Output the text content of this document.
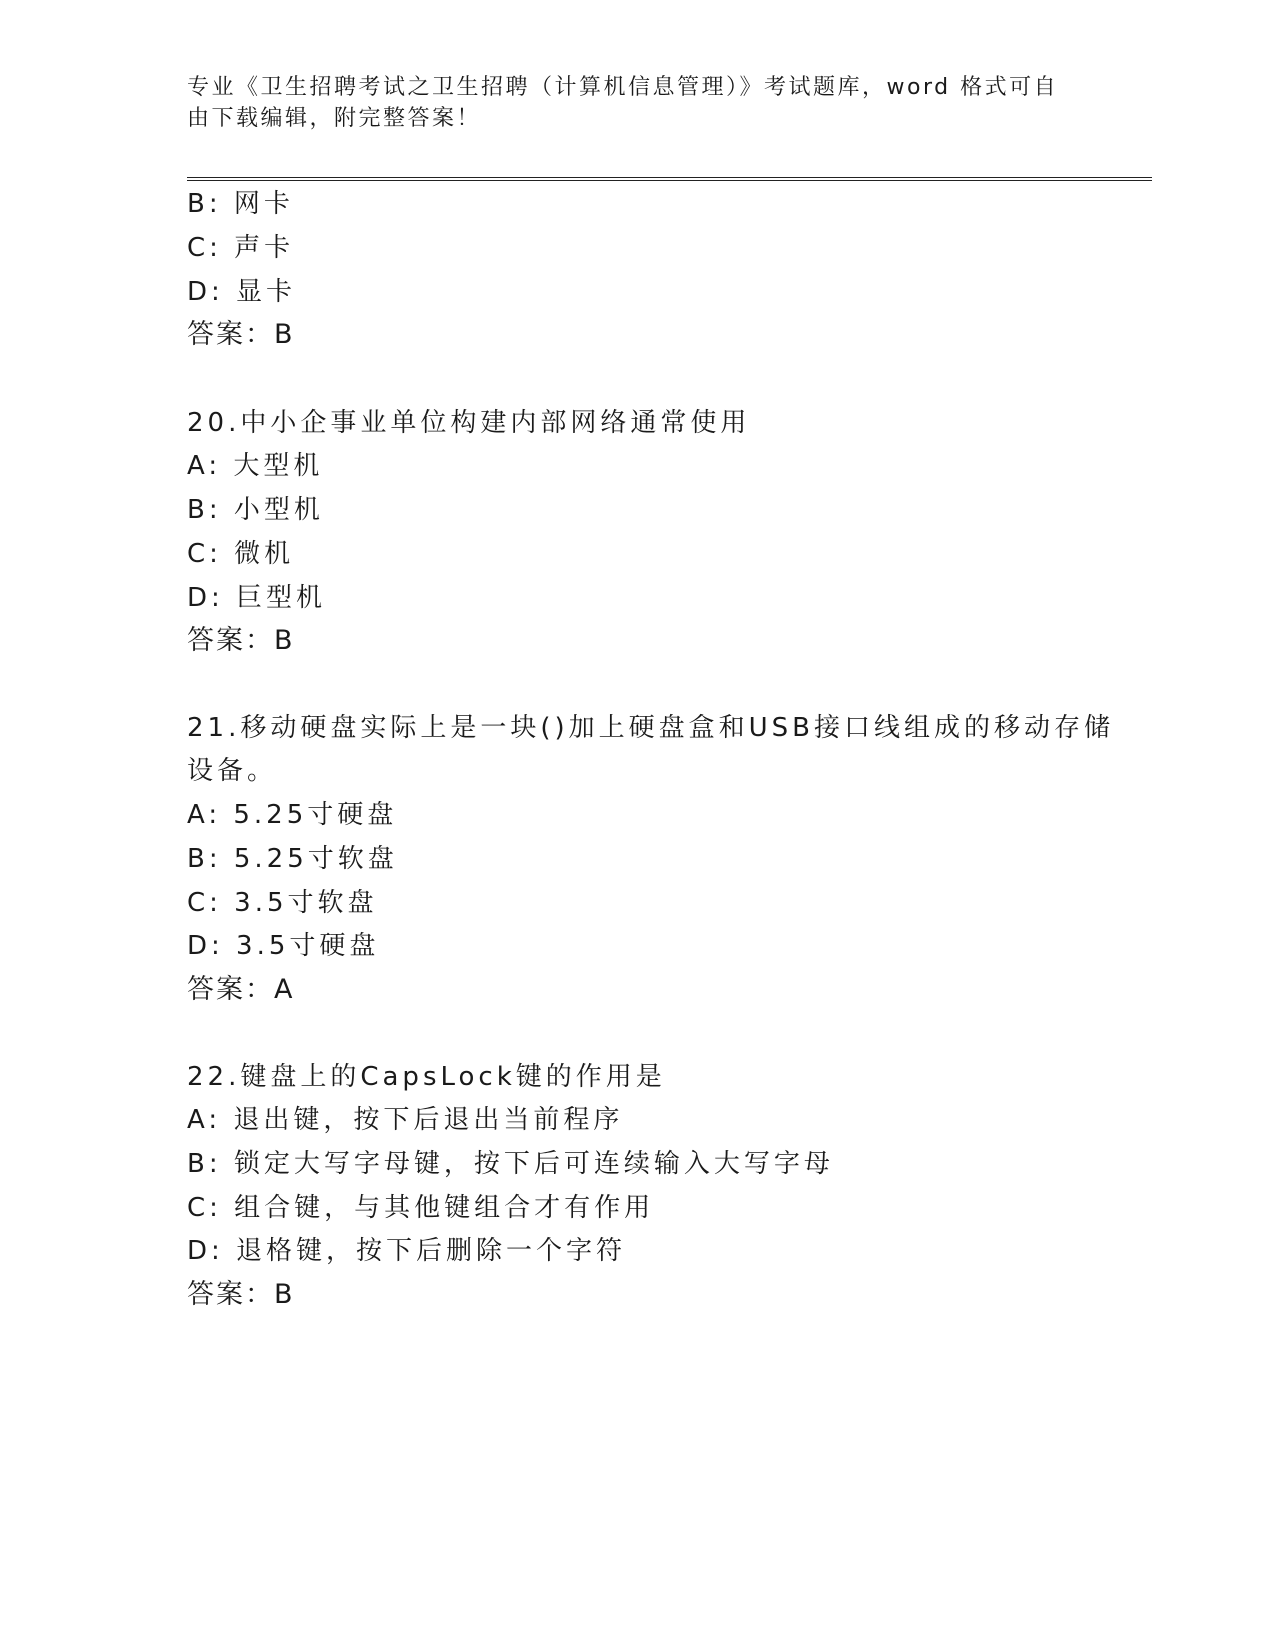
专业《卫生招聘考试之卫生招聘（计算机信息管理）》考试题库，word 格式可自
由下载编辑，附完整答案！
B: 网卡
C: 声卡
D: 显卡
答案：B
20.中小企事业单位构建内部网络通常使用
A: 大型机
B: 小型机
C: 微机
D: 巨型机
答案：B
21.移动硬盘实际上是一块()加上硬盘盒和USB接口线组成的移动存储
设备。
A: 5.25寸硬盘
B: 5.25寸软盘
C: 3.5寸软盘
D: 3.5寸硬盘
答案：A
22.键盘上的CapsLock键的作用是
A: 退出键，按下后退出当前程序
B: 锁定大写字母键，按下后可连续输入大写字母
C: 组合键，与其他键组合才有作用
D: 退格键，按下后删除一个字符
答案：B
